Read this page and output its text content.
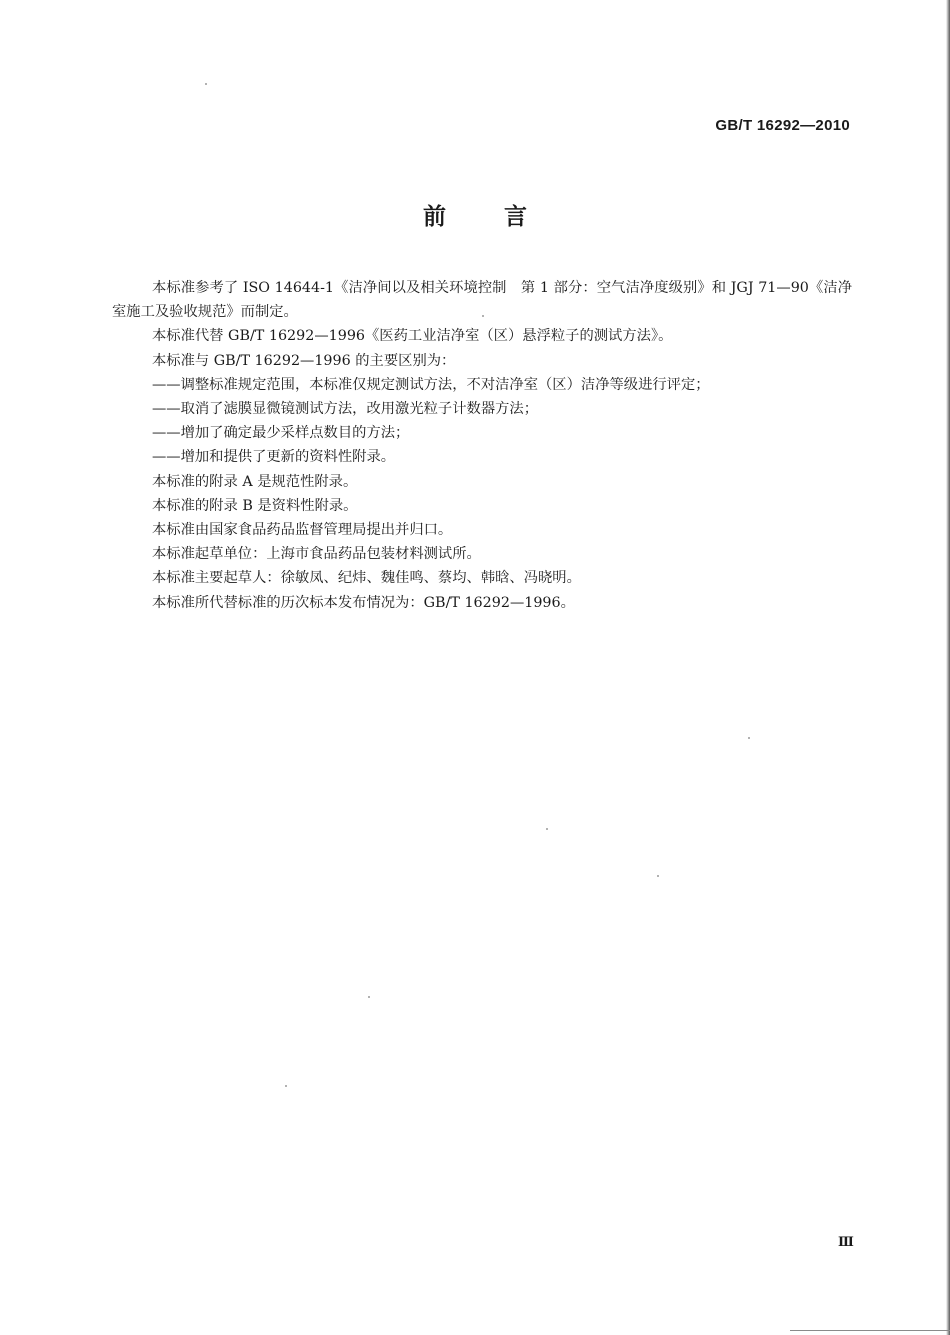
GB/T 16292—2010
前言

本标准参考了 ISO 14644-1《洁净间以及相关环境控制　第 1 部分：空气洁净度级别》和 JGJ 71—90《洁净室施工及验收规范》而制定。

本标准代替 GB/T 16292—1996《医药工业洁净室（区）悬浮粒子的测试方法》。

本标准与 GB/T 16292—1996 的主要区别为：

——调整标准规定范围，本标准仅规定测试方法，不对洁净室（区）洁净等级进行评定；

——取消了滤膜显微镜测试方法，改用激光粒子计数器方法；

——增加了确定最少采样点数目的方法；

——增加和提供了更新的资料性附录。

本标准的附录 A 是规范性附录。

本标准的附录 B 是资料性附录。

本标准由国家食品药品监督管理局提出并归口。

本标准起草单位：上海市食品药品包装材料测试所。

本标准主要起草人：徐敏凤、纪炜、魏佳鸣、蔡均、韩晗、冯晓明。

本标准所代替标准的历次标本发布情况为：GB/T 16292—1996。

Ⅲ
